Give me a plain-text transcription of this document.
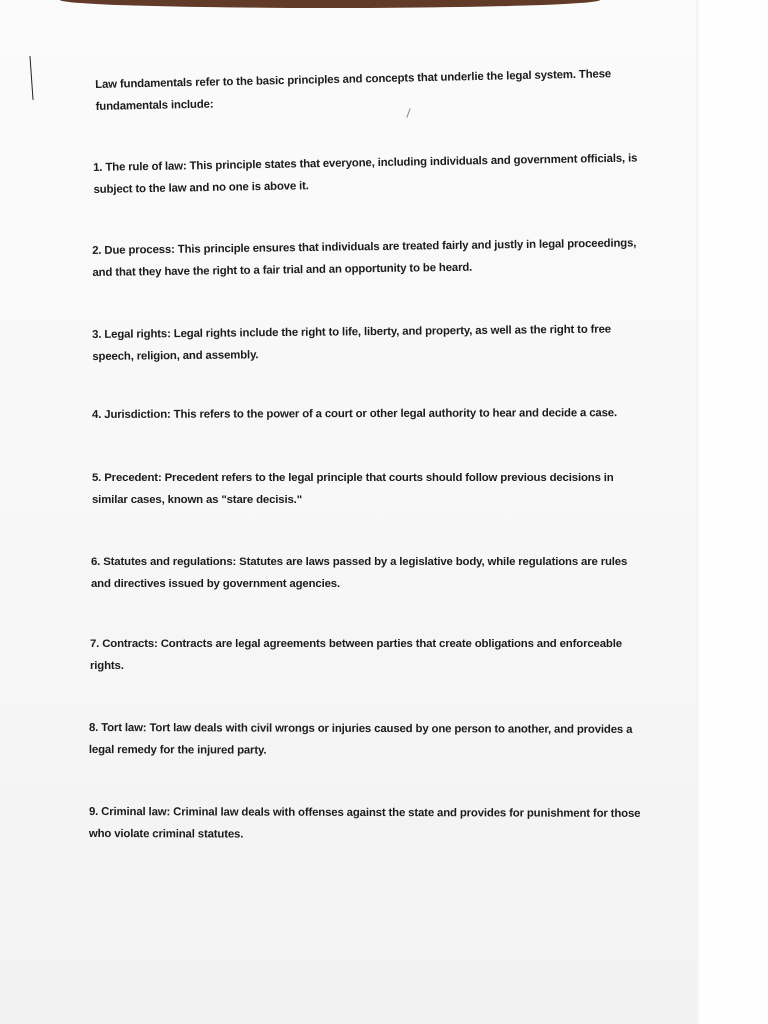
Law fundamentals refer to the basic principles and concepts that underlie the legal system. These fundamentals include:

1. The rule of law: This principle states that everyone, including individuals and government officials, is subject to the law and no one is above it.

2. Due process: This principle ensures that individuals are treated fairly and justly in legal proceedings, and that they have the right to a fair trial and an opportunity to be heard.

3. Legal rights: Legal rights include the right to life, liberty, and property, as well as the right to free speech, religion, and assembly.

4. Jurisdiction: This refers to the power of a court or other legal authority to hear and decide a case.

5. Precedent: Precedent refers to the legal principle that courts should follow previous decisions in similar cases, known as "stare decisis."

6. Statutes and regulations: Statutes are laws passed by a legislative body, while regulations are rules and directives issued by government agencies.

7. Contracts: Contracts are legal agreements between parties that create obligations and enforceable rights.

8. Tort law: Tort law deals with civil wrongs or injuries caused by one person to another, and provides a legal remedy for the injured party.

9. Criminal law: Criminal law deals with offenses against the state and provides for punishment for those who violate criminal statutes.
